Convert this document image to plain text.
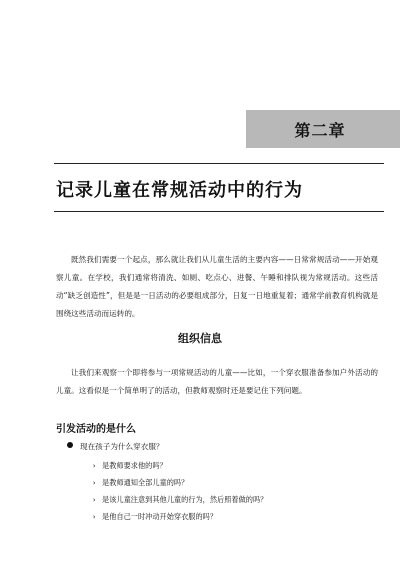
第二章
记录儿童在常规活动中的行为

既然我们需要一个起点，那么就让我们从儿童生活的主要内容——日常常规活动——开始观察儿童。在学校，我们通常将清洗、如厕、吃点心、进餐、午睡和排队视为常规活动。这些活动“缺乏创造性”，但是是一日活动的必要组成部分，日复一日地重复着；通常学前教育机构就是围绕这些活动而运转的。

组织信息

让我们来观察一个即将参与一项常规活动的儿童——比如，一个穿衣服准备参加户外活动的儿童。这看似是一个简单明了的活动，但教师观察时还是要记住下列问题。

引发活动的是什么
现在孩子为什么穿衣服？
› 是教师要求他的吗？
› 是教师通知全部儿童的吗？
› 是该儿童注意到其他儿童的行为，然后照着做的吗？
› 是他自己一时冲动开始穿衣服的吗？
